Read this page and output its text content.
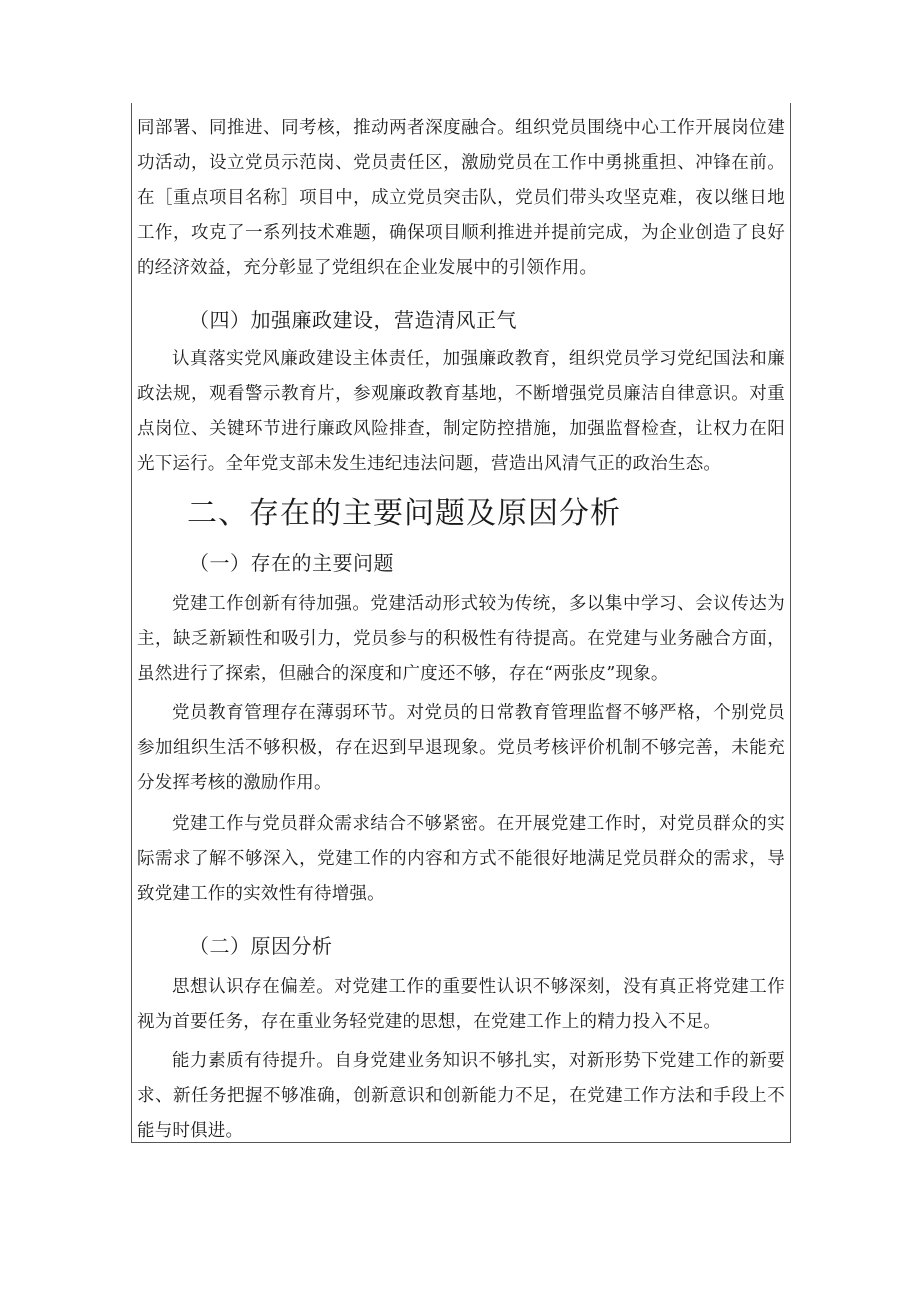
同部署、同推进、同考核，推动两者深度融合。组织党员围绕中心工作开展岗位建功活动，设立党员示范岗、党员责任区，激励党员在工作中勇挑重担、冲锋在前。在［重点项目名称］项目中，成立党员突击队，党员们带头攻坚克难，夜以继日地工作，攻克了一系列技术难题，确保项目顺利推进并提前完成，为企业创造了良好的经济效益，充分彰显了党组织在企业发展中的引领作用。

（四）加强廉政建设，营造清风正气

认真落实党风廉政建设主体责任，加强廉政教育，组织党员学习党纪国法和廉政法规，观看警示教育片，参观廉政教育基地，不断增强党员廉洁自律意识。对重点岗位、关键环节进行廉政风险排查，制定防控措施，加强监督检查，让权力在阳光下运行。全年党支部未发生违纪违法问题，营造出风清气正的政治生态。

二、存在的主要问题及原因分析

（一）存在的主要问题

党建工作创新有待加强。党建活动形式较为传统，多以集中学习、会议传达为主，缺乏新颖性和吸引力，党员参与的积极性有待提高。在党建与业务融合方面，虽然进行了探索，但融合的深度和广度还不够，存在“两张皮”现象。

党员教育管理存在薄弱环节。对党员的日常教育管理监督不够严格，个别党员参加组织生活不够积极，存在迟到早退现象。党员考核评价机制不够完善，未能充分发挥考核的激励作用。

党建工作与党员群众需求结合不够紧密。在开展党建工作时，对党员群众的实际需求了解不够深入，党建工作的内容和方式不能很好地满足党员群众的需求，导致党建工作的实效性有待增强。

（二）原因分析

思想认识存在偏差。对党建工作的重要性认识不够深刻，没有真正将党建工作视为首要任务，存在重业务轻党建的思想，在党建工作上的精力投入不足。

能力素质有待提升。自身党建业务知识不够扎实，对新形势下党建工作的新要求、新任务把握不够准确，创新意识和创新能力不足，在党建工作方法和手段上不能与时俱进。
